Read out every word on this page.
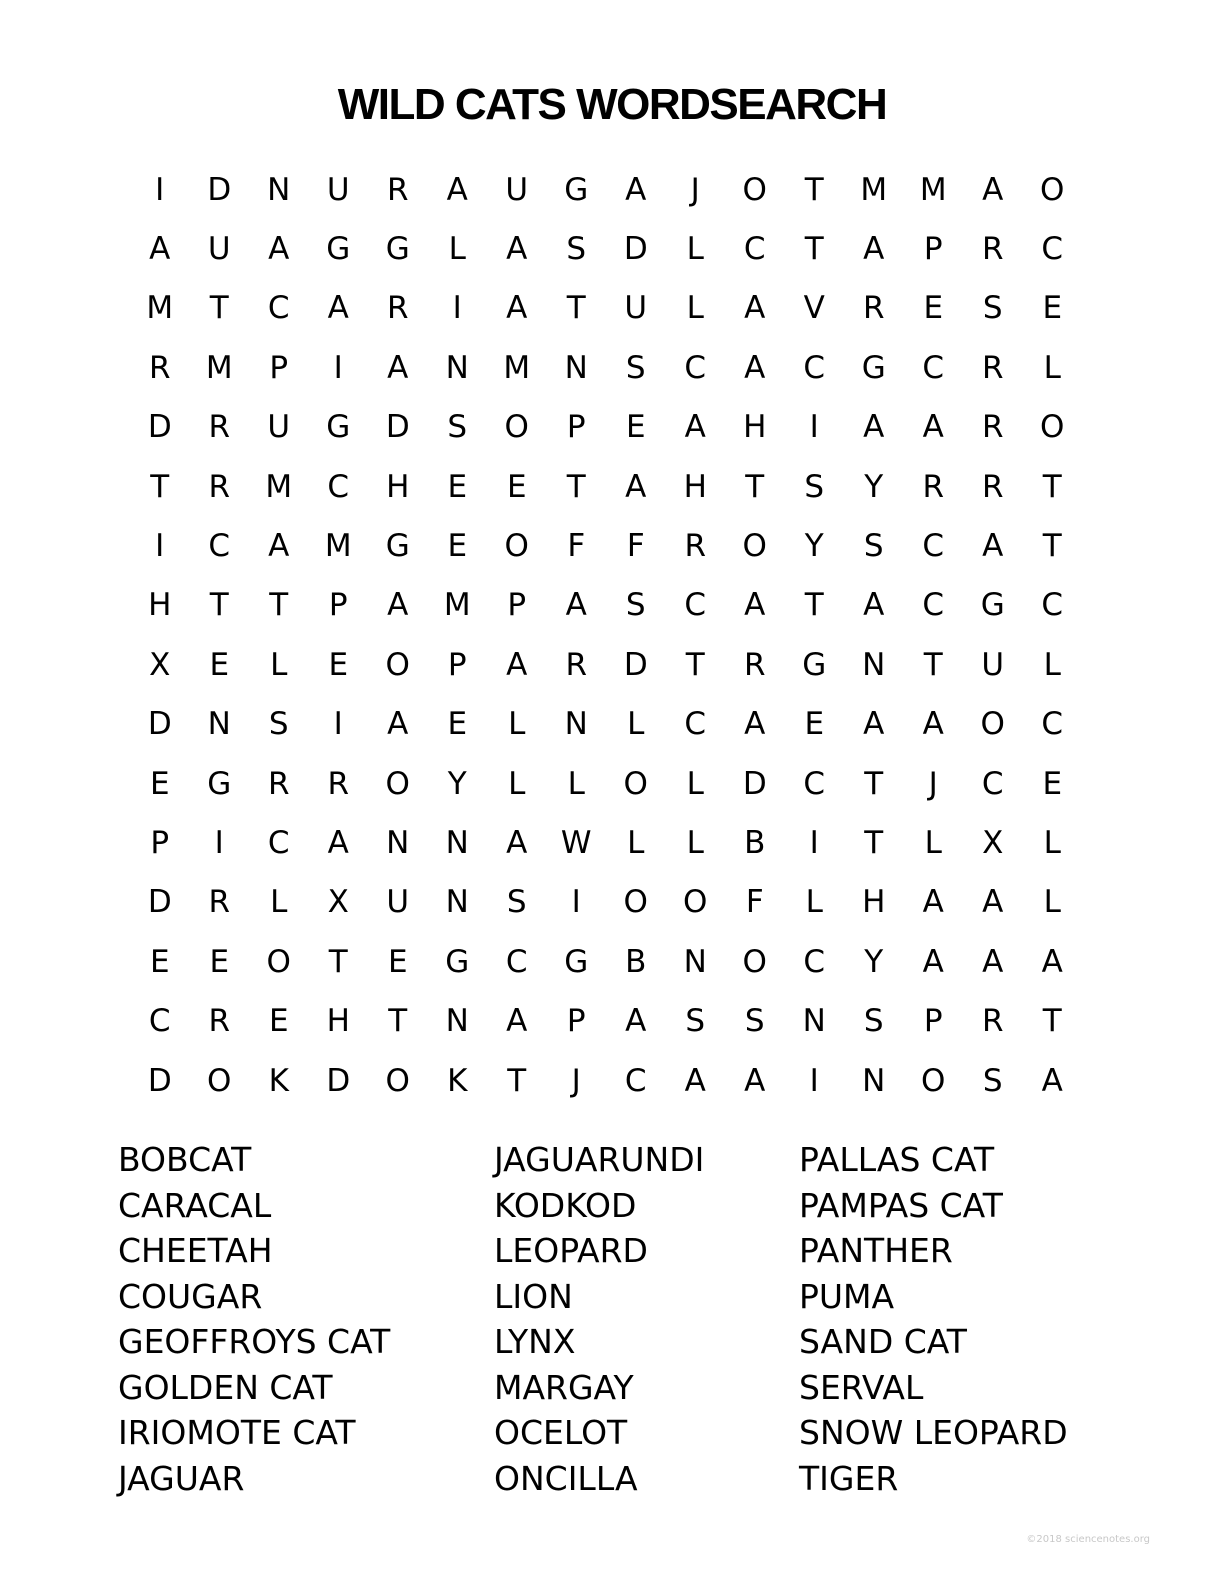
WILD CATS WORDSEARCH
I	D	N	U	R	A	U	G	A	J	O	T	M	M	A	O
A	U	A	G	G	L	A	S	D	L	C	T	A	P	R	C
M	T	C	A	R	I	A	T	U	L	A	V	R	E	S	E
R	M	P	I	A	N	M	N	S	C	A	C	G	C	R	L
D	R	U	G	D	S	O	P	E	A	H	I	A	A	R	O
T	R	M	C	H	E	E	T	A	H	T	S	Y	R	R	T
I	C	A	M	G	E	O	F	F	R	O	Y	S	C	A	T
H	T	T	P	A	M	P	A	S	C	A	T	A	C	G	C
X	E	L	E	O	P	A	R	D	T	R	G	N	T	U	L
D	N	S	I	A	E	L	N	L	C	A	E	A	A	O	C
E	G	R	R	O	Y	L	L	O	L	D	C	T	J	C	E
P	I	C	A	N	N	A	W	L	L	B	I	T	L	X	L
D	R	L	X	U	N	S	I	O	O	F	L	H	A	A	L
E	E	O	T	E	G	C	G	B	N	O	C	Y	A	A	A
C	R	E	H	T	N	A	P	A	S	S	N	S	P	R	T
D	O	K	D	O	K	T	J	C	A	A	I	N	O	S	A
BOBCAT
CARACAL
CHEETAH
COUGAR
GEOFFROYS CAT
GOLDEN CAT
IRIOMOTE CAT
JAGUAR
JAGUARUNDI
KODKOD
LEOPARD
LION
LYNX
MARGAY
OCELOT
ONCILLA
PALLAS CAT
PAMPAS CAT
PANTHER
PUMA
SAND CAT
SERVAL
SNOW LEOPARD
TIGER
©2018 sciencenotes.org
